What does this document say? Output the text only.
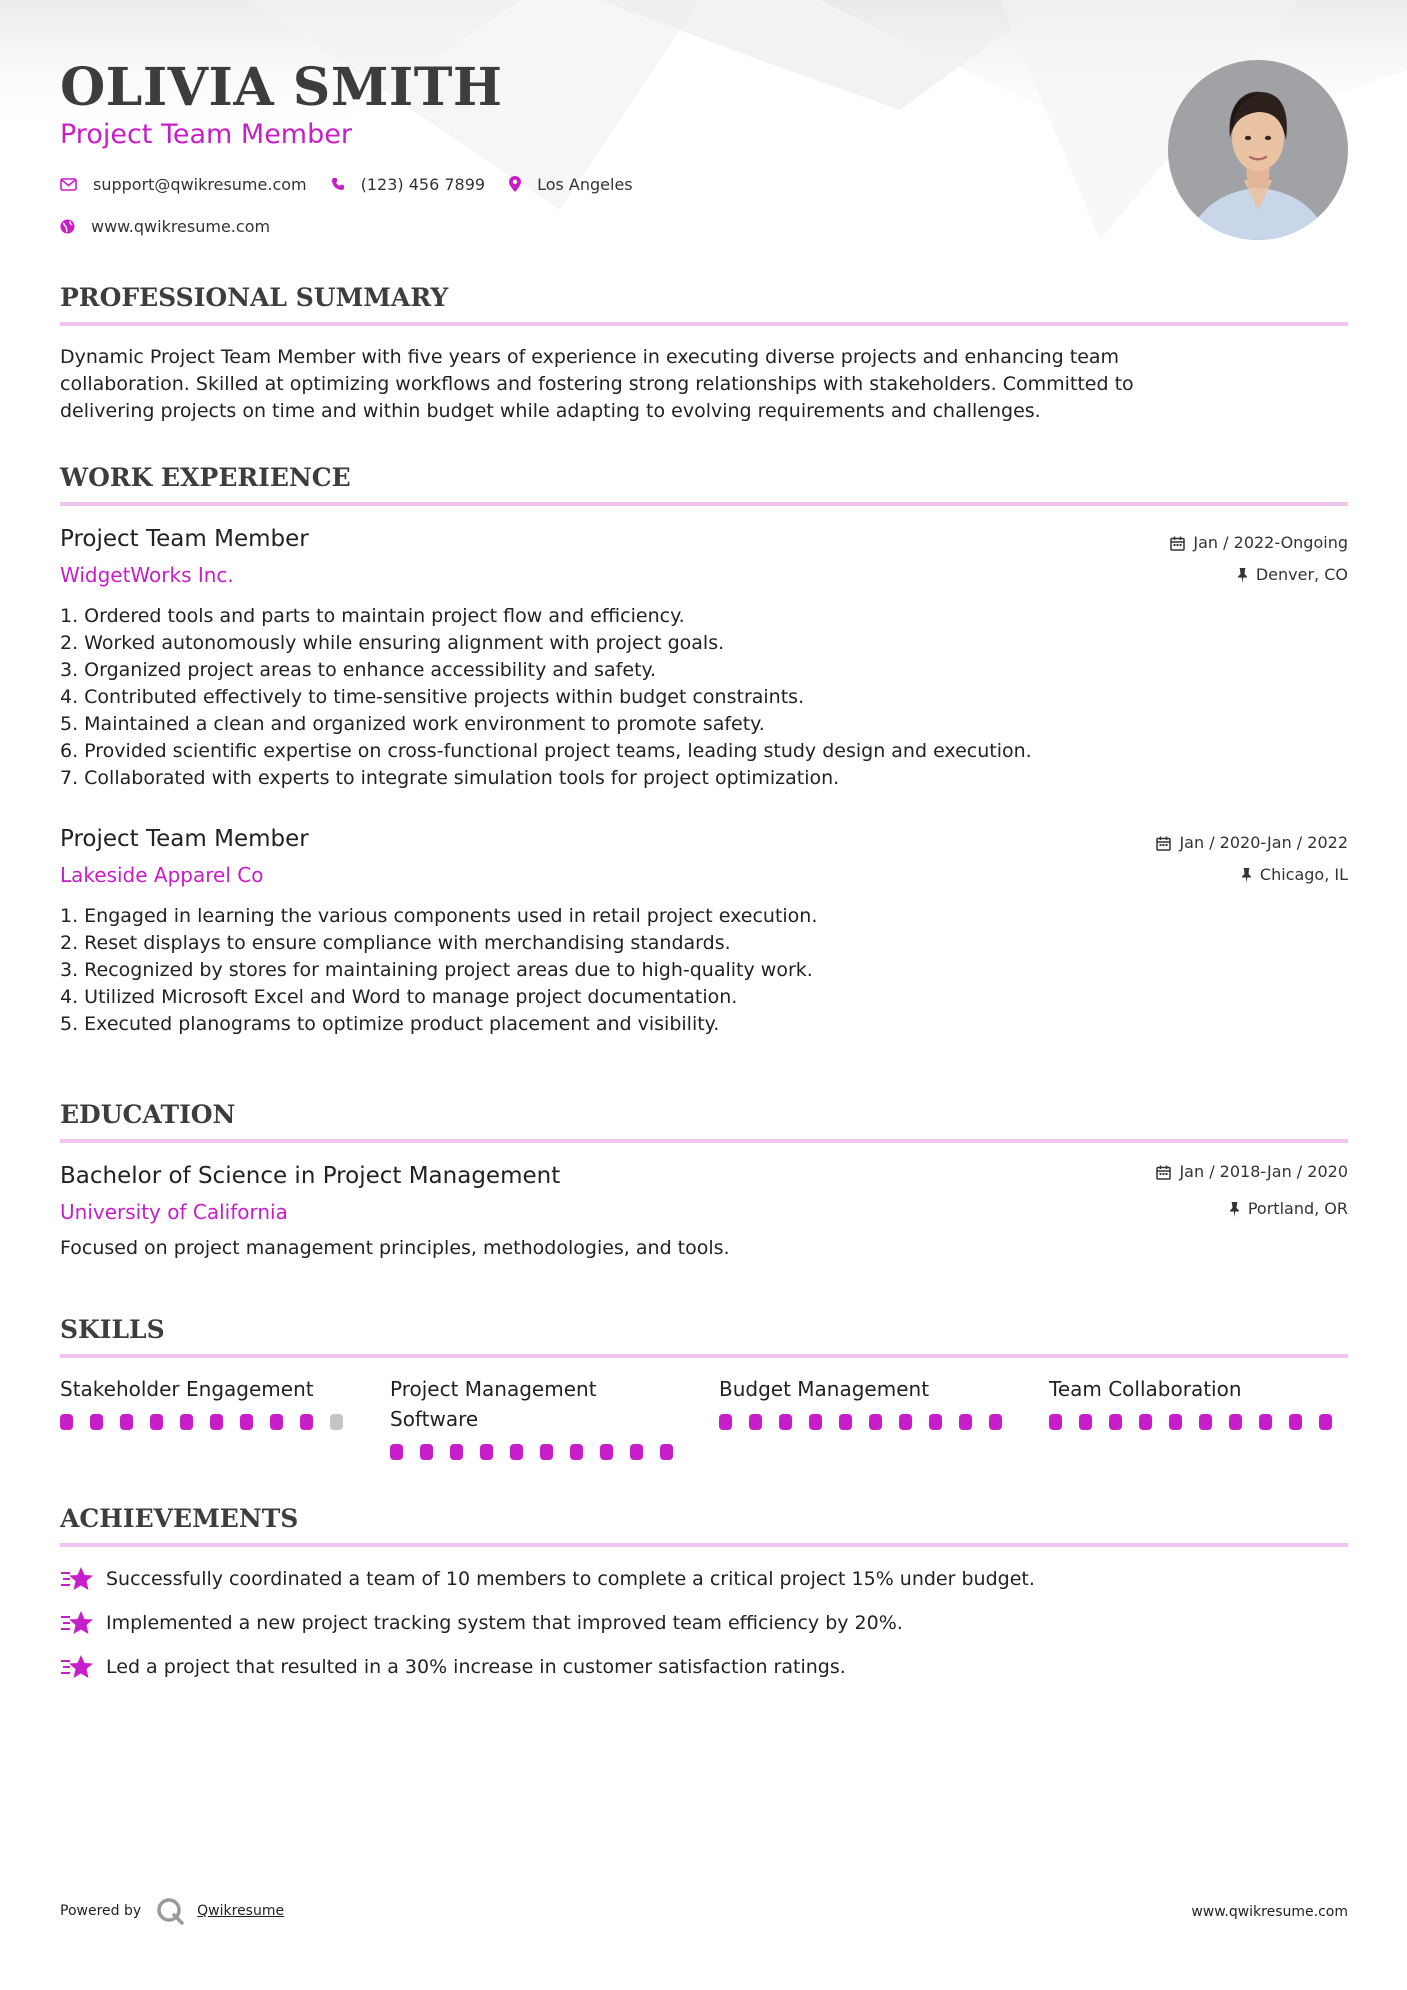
OLIVIA SMITH
Project Team Member
support@qwikresume.com	(123) 456 7899	Los Angeles
www.qwikresume.com
PROFESSIONAL SUMMARY
Dynamic Project Team Member with five years of experience in executing diverse projects and enhancing team
collaboration. Skilled at optimizing workflows and fostering strong relationships with stakeholders. Committed to
delivering projects on time and within budget while adapting to evolving requirements and challenges.
WORK EXPERIENCE
Project Team Member
WidgetWorks Inc.
Jan / 2022-Ongoing
Denver, CO
1. Ordered tools and parts to maintain project flow and efficiency.
2. Worked autonomously while ensuring alignment with project goals.
3. Organized project areas to enhance accessibility and safety.
4. Contributed effectively to time-sensitive projects within budget constraints.
5. Maintained a clean and organized work environment to promote safety.
6. Provided scientific expertise on cross-functional project teams, leading study design and execution.
7. Collaborated with experts to integrate simulation tools for project optimization.
Project Team Member
Lakeside Apparel Co
Jan / 2020-Jan / 2022
Chicago, IL
1. Engaged in learning the various components used in retail project execution.
2. Reset displays to ensure compliance with merchandising standards.
3. Recognized by stores for maintaining project areas due to high-quality work.
4. Utilized Microsoft Excel and Word to manage project documentation.
5. Executed planograms to optimize product placement and visibility.
EDUCATION
Bachelor of Science in Project Management
University of California
Jan / 2018-Jan / 2020
Portland, OR
Focused on project management principles, methodologies, and tools.
SKILLS
Stakeholder Engagement	Project Management Software
Budget Management	Team Collaboration
ACHIEVEMENTS
Successfully coordinated a team of 10 members to complete a critical project 15% under budget.
Implemented a new project tracking system that improved team efficiency by 20%.
Led a project that resulted in a 30% increase in customer satisfaction ratings.
Powered by	Qwikresume	www.qwikresume.com
